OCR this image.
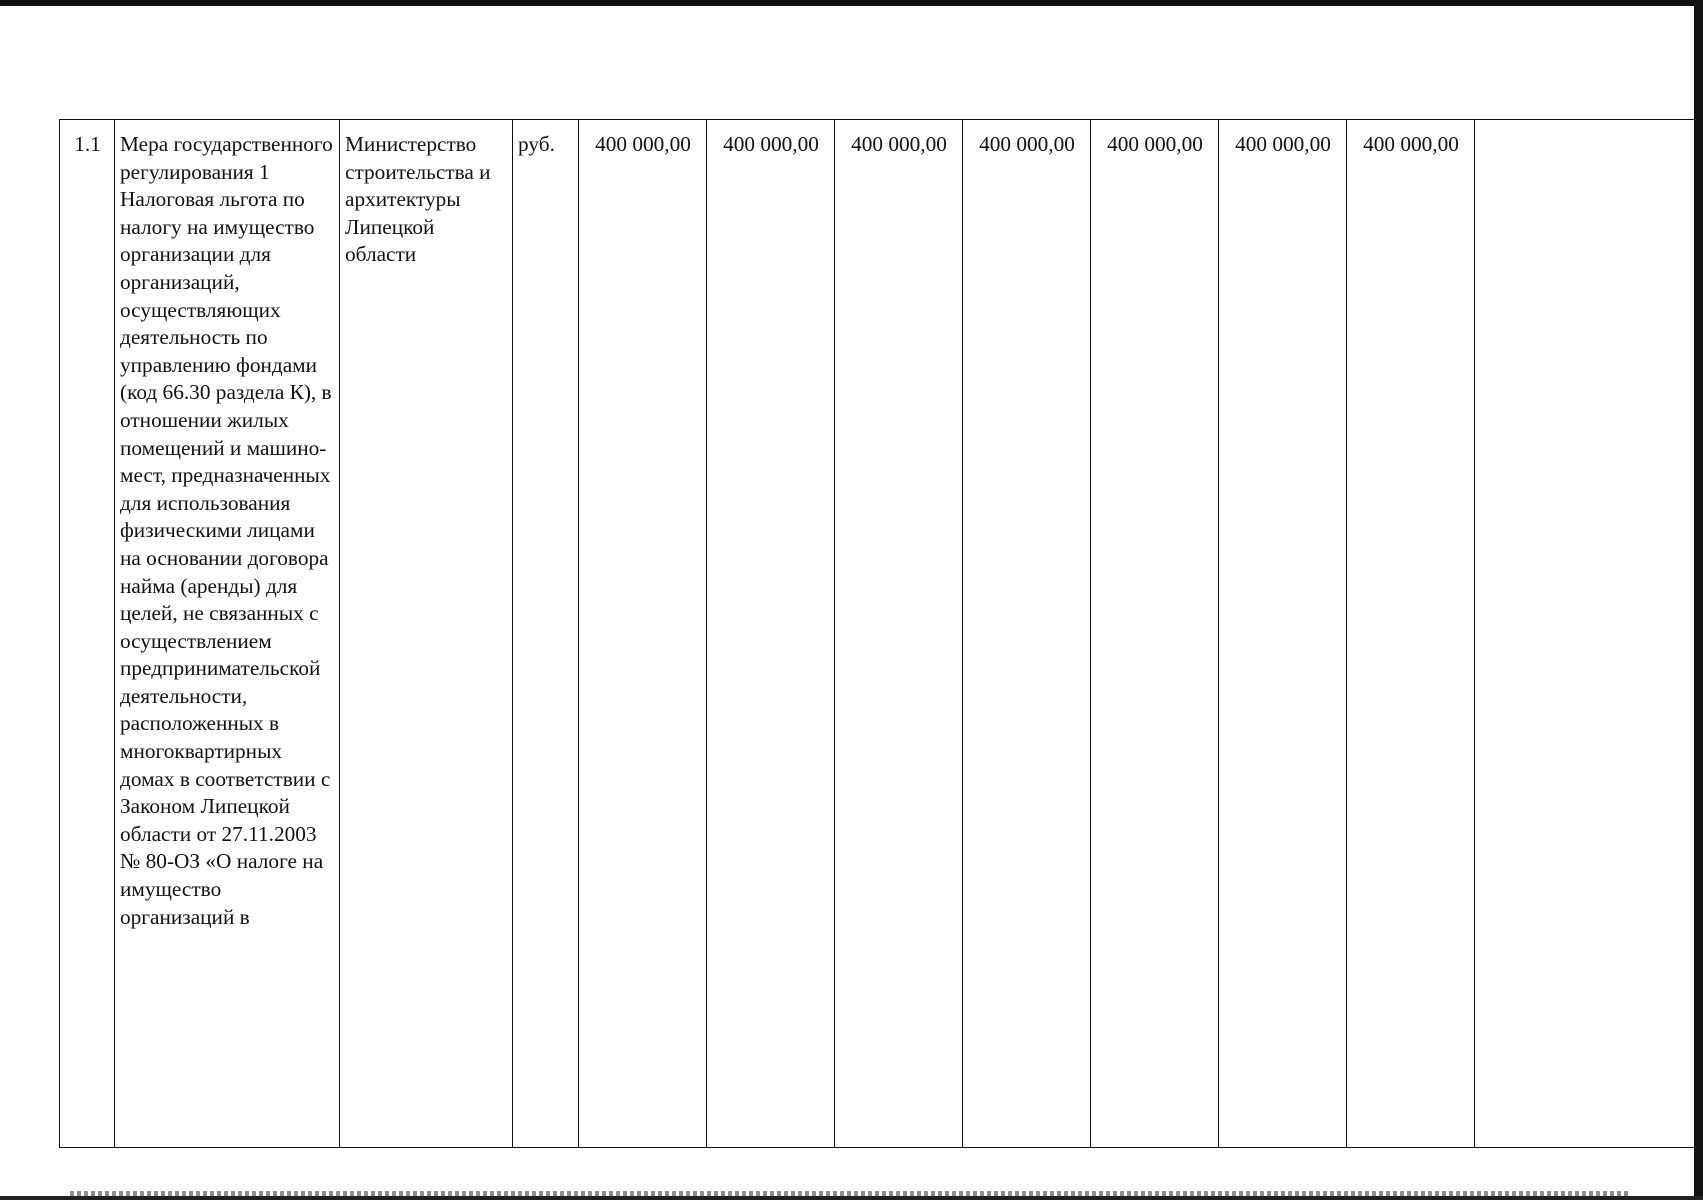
1.1	Мера государственного регулирования 1 Налоговая льгота по налогу на имущество организации для организаций, осуществляющих деятельность по управлению фондами (код 66.30 раздела К), в отношении жилых помещений и машино-мест, предназначенных для использования физическими лицами на основании договора найма (аренды) для целей, не связанных с осуществлением предпринимательской деятельности, расположенных в многоквартирных домах в соответствии с Законом Липецкой области от 27.11.2003 № 80-ОЗ «О налоге на имущество организаций в	Министерство строительства и архитектуры Липецкой области	руб.	400 000,00	400 000,00	400 000,00	400 000,00	400 000,00	400 000,00	400 000,00	
